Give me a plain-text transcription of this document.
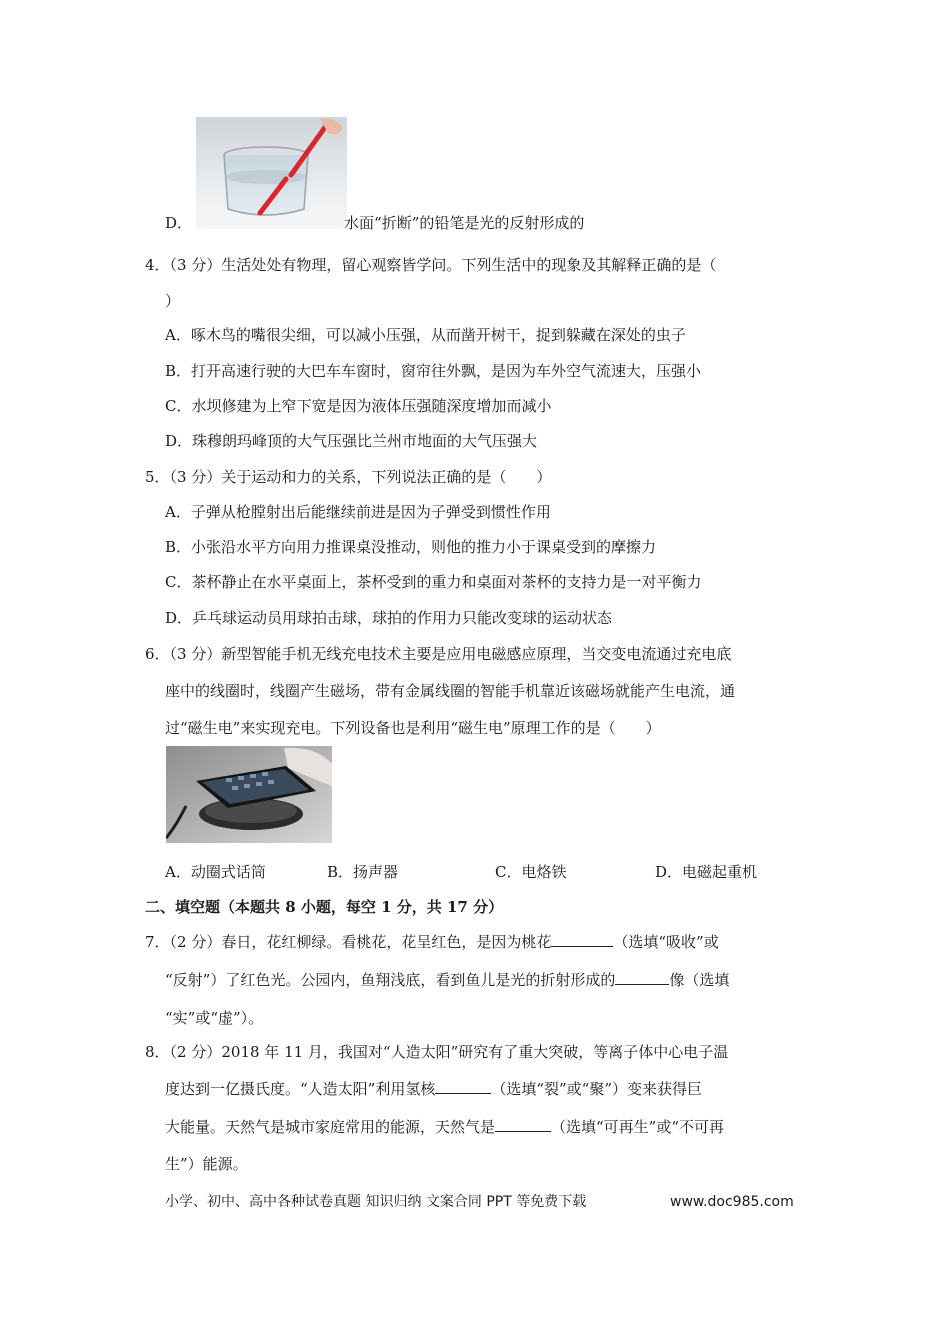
D．	水面“折断”的铅笔是光的反射形成的
4．（3 分）生活处处有物理，留心观察皆学问。下列生活中的现象及其解释正确的是（
）
A．啄木鸟的嘴很尖细，可以减小压强，从而凿开树干，捉到躲藏在深处的虫子
B．打开高速行驶的大巴车车窗时，窗帘往外飘，是因为车外空气流速大，压强小
C．水坝修建为上窄下宽是因为液体压强随深度增加而减小
D．珠穆朗玛峰顶的大气压强比兰州市地面的大气压强大
5．（3 分）关于运动和力的关系，下列说法正确的是（　　）
A．子弹从枪膛射出后能继续前进是因为子弹受到惯性作用
B．小张沿水平方向用力推课桌没推动，则他的推力小于课桌受到的摩擦力
C．茶杯静止在水平桌面上，茶杯受到的重力和桌面对茶杯的支持力是一对平衡力
D．乒乓球运动员用球拍击球，球拍的作用力只能改变球的运动状态
6．（3 分）新型智能手机无线充电技术主要是应用电磁感应原理，当交变电流通过充电底
座中的线圈时，线圈产生磁场，带有金属线圈的智能手机靠近该磁场就能产生电流，通
过“磁生电”来实现充电。下列设备也是利用“磁生电”原理工作的是（　　）
A．动圈式话筒	B．扬声器	C．电烙铁	D．电磁起重机
二、填空题（本题共 8 小题，每空 1 分，共 17 分）
7．（2 分）春日，花红柳绿。看桃花，花呈红色，是因为桃花	（选填“吸收”或
“反射”）了红色光。公园内，鱼翔浅底，看到鱼儿是光的折射形成的	像（选填
“实”或“虚”）。
8．（2 分）2018 年 11 月，我国对“人造太阳”研究有了重大突破，等离子体中心电子温
度达到一亿摄氏度。“人造太阳”利用氢核	（选填“裂”或“聚”）变来获得巨
大能量。天然气是城市家庭常用的能源，天然气是	（选填“可再生”或“不可再
生”）能源。
小学、初中、高中各种试卷真题 知识归纳 文案合同 PPT 等免费下载	www.doc985.com
